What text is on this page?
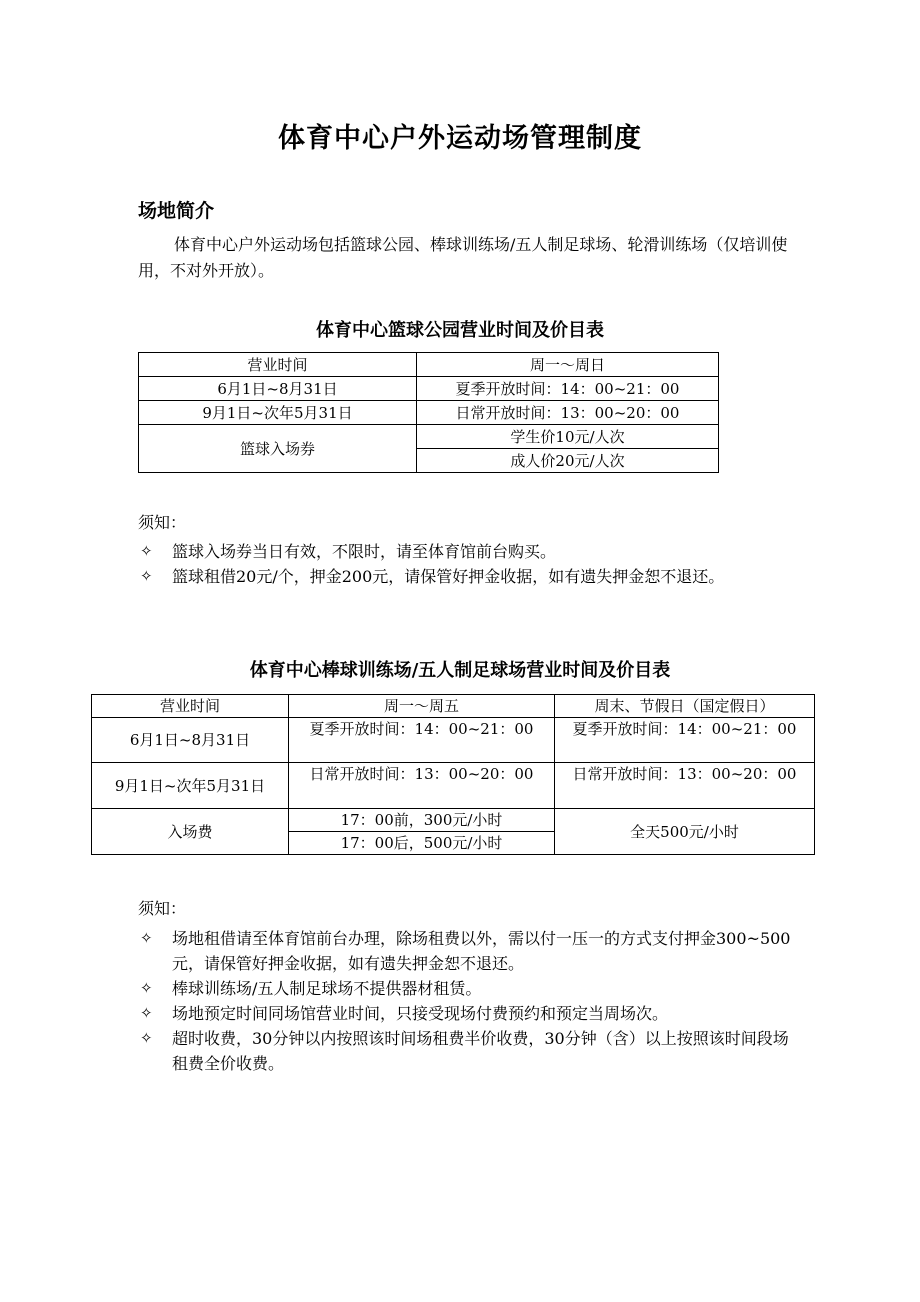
体育中心户外运动场管理制度
场地简介

体育中心户外运动场包括篮球公园、棒球训练场/五人制足球场、轮滑训练场（仅培训使用，不对外开放）。

体育中心篮球公园营业时间及价目表
营业时间	周一～周日
6月1日~8月31日	夏季开放时间：14：00~21：00
9月1日~次年5月31日	日常开放时间：13：00~20：00
篮球入场券	学生价10元/人次
	成人价20元/人次
须知：
✧ 篮球入场券当日有效，不限时，请至体育馆前台购买。
✧ 篮球租借20元/个，押金200元，请保管好押金收据，如有遗失押金恕不退还。
体育中心棒球训练场/五人制足球场营业时间及价目表
营业时间	周一～周五	周末、节假日（国定假日）
6月1日~8月31日	夏季开放时间：14：00~21：00	夏季开放时间：14：00~21：00
9月1日~次年5月31日	日常开放时间：13：00~20：00	日常开放时间：13：00~20：00
入场费	17：00前，300元/小时	全天500元/小时
	17：00后，500元/小时	
须知：
✧ 场地租借请至体育馆前台办理，除场租费以外，需以付一压一的方式支付押金300~500元，请保管好押金收据，如有遗失押金恕不退还。
✧ 棒球训练场/五人制足球场不提供器材租赁。
✧ 场地预定时间同场馆营业时间，只接受现场付费预约和预定当周场次。
✧ 超时收费，30分钟以内按照该时间场租费半价收费，30分钟（含）以上按照该时间段场租费全价收费。
